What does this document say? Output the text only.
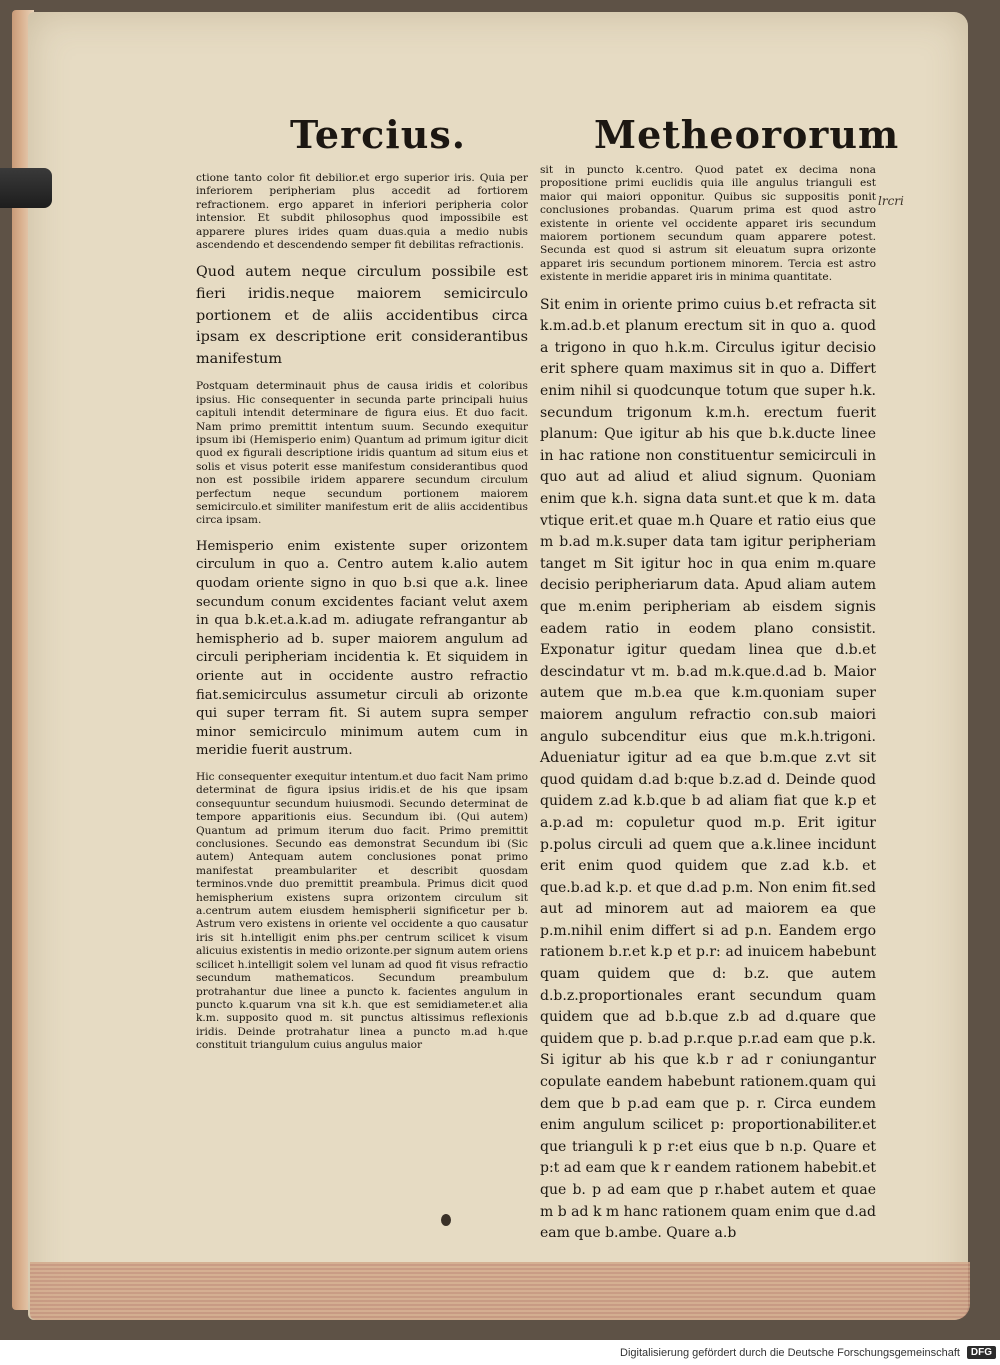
Tercius.	Metheororum
lrcri

ctione tanto color fit debilior.et ergo superior iris. Quia per inferiorem peripheriam plus accedit ad fortiorem refractionem. ergo apparet in inferiori peripheria color intensior. Et subdit philosophus quod impossibile est apparere plures irides quam duas.quia a medio nubis ascendendo et descendendo semper fit debilitas refractionis.

Quod autem neque circulum possibile est fieri iridis.neque maiorem semicirculo portionem et de aliis accidentibus circa ipsam ex descriptione erit considerantibus manifestum

Postquam determinauit phus de causa iridis et coloribus ipsius. Hic consequenter in secunda parte principali huius capituli intendit determinare de figura eius. Et duo facit. Nam primo premittit intentum suum. Secundo exequitur ipsum ibi (Hemisperio enim) Quantum ad primum igitur dicit quod ex figurali descriptione iridis quantum ad situm eius et solis et visus poterit esse manifestum considerantibus quod non est possibile iridem apparere secundum circulum perfectum neque secundum portionem maiorem semicirculo.et similiter manifestum erit de aliis accidentibus circa ipsam.

Hemisperio enim existente super orizontem circulum in quo a. Centro autem k.alio autem quodam oriente signo in quo b.si que a.k. linee secundum conum excidentes faciant velut axem in qua b.k.et.a.k.ad m. adiugate refrangantur ab hemispherio ad b. super maiorem angulum ad circuli peripheriam incidentia k. Et siquidem in oriente aut in occidente austro refractio fiat.semicirculus assumetur circuli ab orizonte qui super terram fit. Si autem supra semper minor semicirculo minimum autem cum in meridie fuerit austrum.

Hic consequenter exequitur intentum.et duo facit Nam primo determinat de figura ipsius iridis.et de his que ipsam consequuntur secundum huiusmodi. Secundo determinat de tempore apparitionis eius. Secundum ibi. (Qui autem) Quantum ad primum iterum duo facit. Primo premittit conclusiones. Secundo eas demonstrat Secundum ibi (Sic autem) Antequam autem conclusiones ponat primo manifestat preambulariter et describit quosdam terminos.vnde duo premittit preambula. Primus dicit quod hemispherium existens supra orizontem circulum sit a.centrum autem eiusdem hemispherii significetur per b. Astrum vero existens in oriente vel occidente a quo causatur iris sit h.intelligit enim phs.per centrum scilicet k visum alicuius existentis in medio orizonte.per signum autem oriens scilicet h.intelligit solem vel lunam ad quod fit visus refractio secundum mathematicos. Secundum preambulum protrahantur due linee a puncto k. facientes angulum in puncto k.quarum vna sit k.h. que est semidiameter.et alia k.m. supposito quod m. sit punctus altissimus reflexionis iridis. Deinde protrahatur linea a puncto m.ad h.que constituit triangulum cuius angulus maior

sit in puncto k.centro. Quod patet ex decima nona propositione primi euclidis quia ille angulus trianguli est maior qui maiori opponitur. Quibus sic suppositis ponit conclusiones probandas. Quarum prima est quod astro existente in oriente vel occidente apparet iris secundum maiorem portionem secundum quam apparere potest. Secunda est quod si astrum sit eleuatum supra orizonte apparet iris secundum portionem minorem. Tercia est astro existente in meridie apparet iris in minima quantitate.

Sit enim in oriente primo cuius b.et refracta sit k.m.ad.b.et planum erectum sit in quo a. quod a trigono in quo h.k.m. Circulus igitur decisio erit sphere quam maximus sit in quo a. Differt enim nihil si quodcunque totum que super h.k. secundum trigonum k.m.h. erectum fuerit planum: Que igitur ab his que b.k.ducte linee in hac ratione non constituentur semicirculi in quo aut ad aliud et aliud signum. Quoniam enim que k.h. signa data sunt.et que k m. data vtique erit.et quae m.h Quare et ratio eius que m b.ad m.k.super data tam igitur peripheriam tanget m Sit igitur hoc in qua enim m.quare decisio peripheriarum data. Apud aliam autem que m.enim peripheriam ab eisdem signis eadem ratio in eodem plano consistit. Exponatur igitur quedam linea que d.b.et descindatur vt m. b.ad m.k.que.d.ad b. Maior autem que m.b.ea que k.m.quoniam super maiorem angulum refractio con.sub maiori angulo subcenditur eius que m.k.h.trigoni. Adueniatur igitur ad ea que b.m.que z.vt sit quod quidam d.ad b:que b.z.ad d. Deinde quod quidem z.ad k.b.que b ad aliam fiat que k.p et a.p.ad m: copuletur quod m.p. Erit igitur p.polus circuli ad quem que a.k.linee incidunt erit enim quod quidem que z.ad k.b. et que.b.ad k.p. et que d.ad p.m. Non enim fit.sed aut ad minorem aut ad maiorem ea que p.m.nihil enim differt si ad p.n. Eandem ergo rationem b.r.et k.p et p.r: ad inuicem habebunt quam quidem que d: b.z. que autem d.b.z.proportionales erant secundum quam quidem que ad b.b.que z.b ad d.quare que quidem que p. b.ad p.r.que p.r.ad eam que p.k. Si igitur ab his que k.b r ad r coniungantur copulate eandem habebunt rationem.quam qui dem que b p.ad eam que p. r. Circa eundem enim angulum scilicet p: proportionabiliter.et que trianguli k p r:et eius que b n.p. Quare et p:t ad eam que k r eandem rationem habebit.et que b. p ad eam que p r.habet autem et quae m b ad k m hanc rationem quam enim que d.ad eam que b.ambe. Quare a.b

Digitalisierung gefördert durch die Deutsche Forschungsgemeinschaft	DFG
